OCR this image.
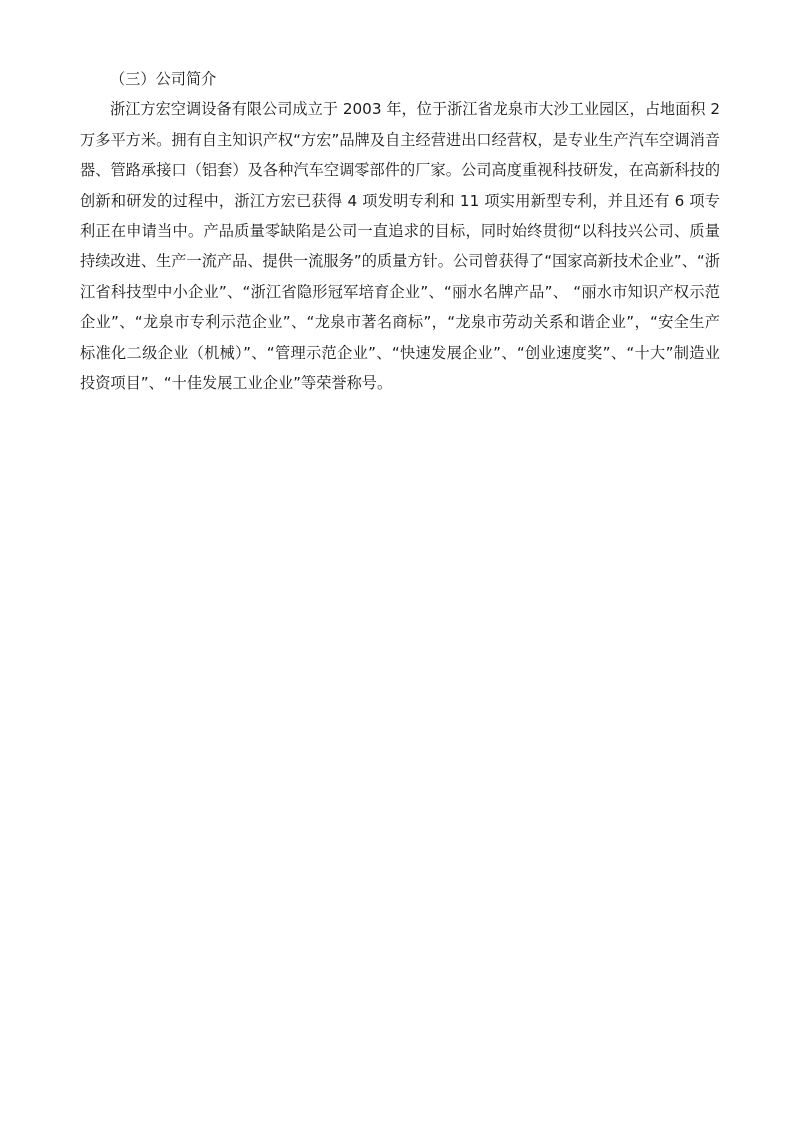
（三）公司简介

浙江方宏空调设备有限公司成立于 2003 年，位于浙江省龙泉市大沙工业园区，占地面积 2 万多平方米。拥有自主知识产权“方宏”品牌及自主经营进出口经营权，是专业生产汽车空调消音器、管路承接口（铝套）及各种汽车空调零部件的厂家。公司高度重视科技研发，在高新科技的创新和研发的过程中，浙江方宏已获得 4 项发明专利和 11 项实用新型专利，并且还有 6 项专利正在申请当中。产品质量零缺陷是公司一直追求的目标，同时始终贯彻“以科技兴公司、质量持续改进、生产一流产品、提供一流服务”的质量方针。公司曾获得了“国家高新技术企业”、“浙江省科技型中小企业”、“浙江省隐形冠军培育企业”、“丽水名牌产品”、 “丽水市知识产权示范企业”、“龙泉市专利示范企业”、“龙泉市著名商标”，“龙泉市劳动关系和谐企业”，“安全生产标准化二级企业（机械）”、“管理示范企业”、“快速发展企业”、“创业速度奖”、“十大”制造业投资项目”、“十佳发展工业企业”等荣誉称号。
